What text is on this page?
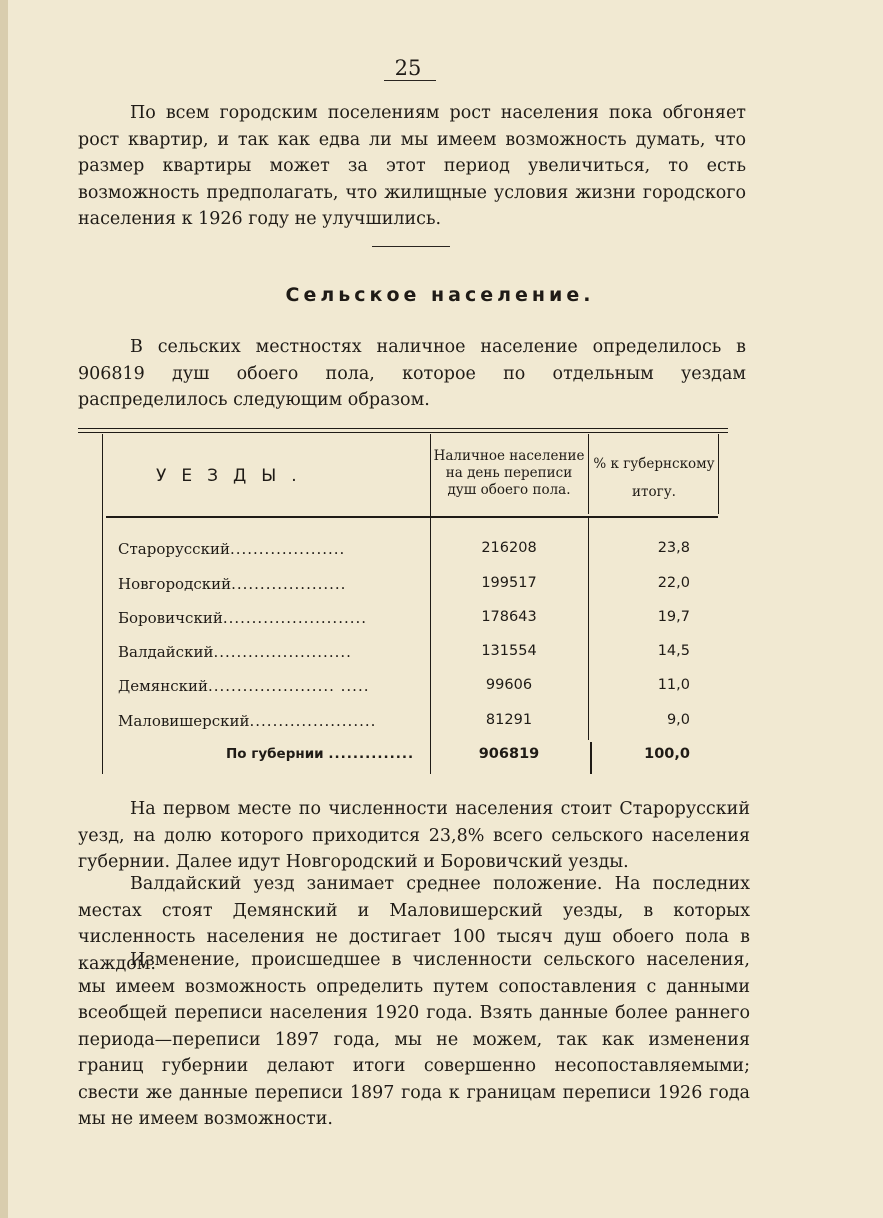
25
По всем городским поселениям рост населения пока обгоняет рост квартир, и так как едва ли мы имеем возможность думать, что размер квартиры может за этот период увеличиться, то есть возможность предполагать, что жилищные условия жизни городского населения к 1926 году не улучшились.
Сельское население.
В сельских местностях наличное население определилось в 906819 душ обоего пола, которое по отдельным уездам распределилось следующим образом.
УЕЗДЫ.
Наличное население на день переписи душ обоего пола.
% к губернскому итогу.
Старорусский....................	216208	23,8
Новгородский....................	199517	22,0
Боровичский.........................	178643	19,7
Валдайский........................	131554	14,5
Демянский...................... .....	99606	11,0
Маловишерский......................	81291	9,0
По губернии ..............	906819	100,0
На первом месте по численности населения стоит Старорусский уезд, на долю которого приходится 23,8% всего сельского населения губернии. Далее идут Новгородский и Боровичский уезды.
Валдайский уезд занимает среднее положение. На последних местах стоят Демянский и Маловишерский уезды, в которых численность населения не достигает 100 тысяч душ обоего пола в каждом.
Изменение, происшедшее в численности сельского населения, мы имеем возможность определить путем сопоставления с данными всеобщей переписи населения 1920 года. Взять данные более раннего периода—переписи 1897 года, мы не можем, так как изменения границ губернии делают итоги совершенно несопоставляемыми; свести же данные переписи 1897 года к границам переписи 1926 года мы не имеем возможности.
